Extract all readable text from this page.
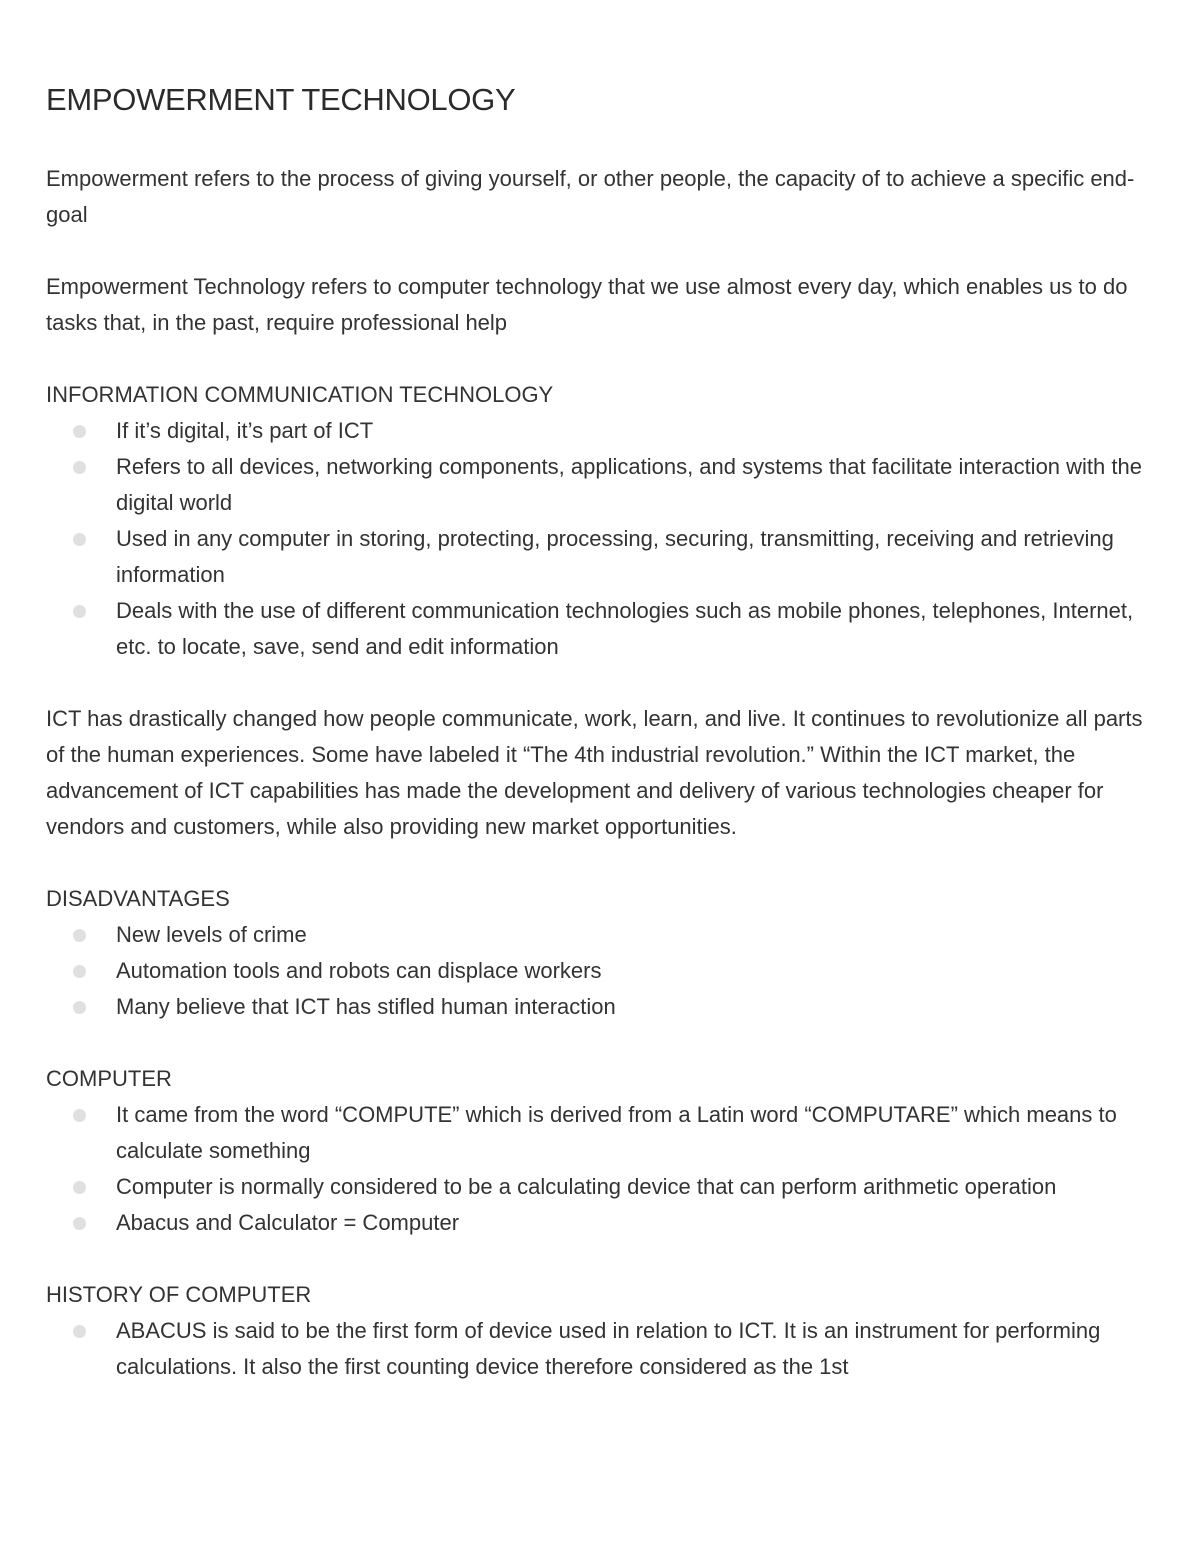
EMPOWERMENT TECHNOLOGY

Empowerment refers to the process of giving yourself, or other people, the capacity of to achieve a specific end-goal

Empowerment Technology refers to computer technology that we use almost every day, which enables us to do tasks that, in the past, require professional help

INFORMATION COMMUNICATION TECHNOLOGY

If it’s digital, it’s part of ICT
Refers to all devices, networking components, applications, and systems that facilitate interaction with the digital world
Used in any computer in storing, protecting, processing, securing, transmitting, receiving and retrieving information
Deals with the use of different communication technologies such as mobile phones, telephones, Internet, etc. to locate, save, send and edit information

ICT has drastically changed how people communicate, work, learn, and live. It continues to revolutionize all parts of the human experiences. Some have labeled it “The 4th industrial revolution.” Within the ICT market, the advancement of ICT capabilities has made the development and delivery of various technologies cheaper for vendors and customers, while also providing new market opportunities.

DISADVANTAGES

New levels of crime
Automation tools and robots can displace workers
Many believe that ICT has stifled human interaction

COMPUTER

It came from the word “COMPUTE” which is derived from a Latin word “COMPUTARE” which means to calculate something
Computer is normally considered to be a calculating device that can perform arithmetic operation
Abacus and Calculator = Computer

HISTORY OF COMPUTER

ABACUS is said to be the first form of device used in relation to ICT. It is an instrument for performing calculations. It also the first counting device therefore considered as the 1st
